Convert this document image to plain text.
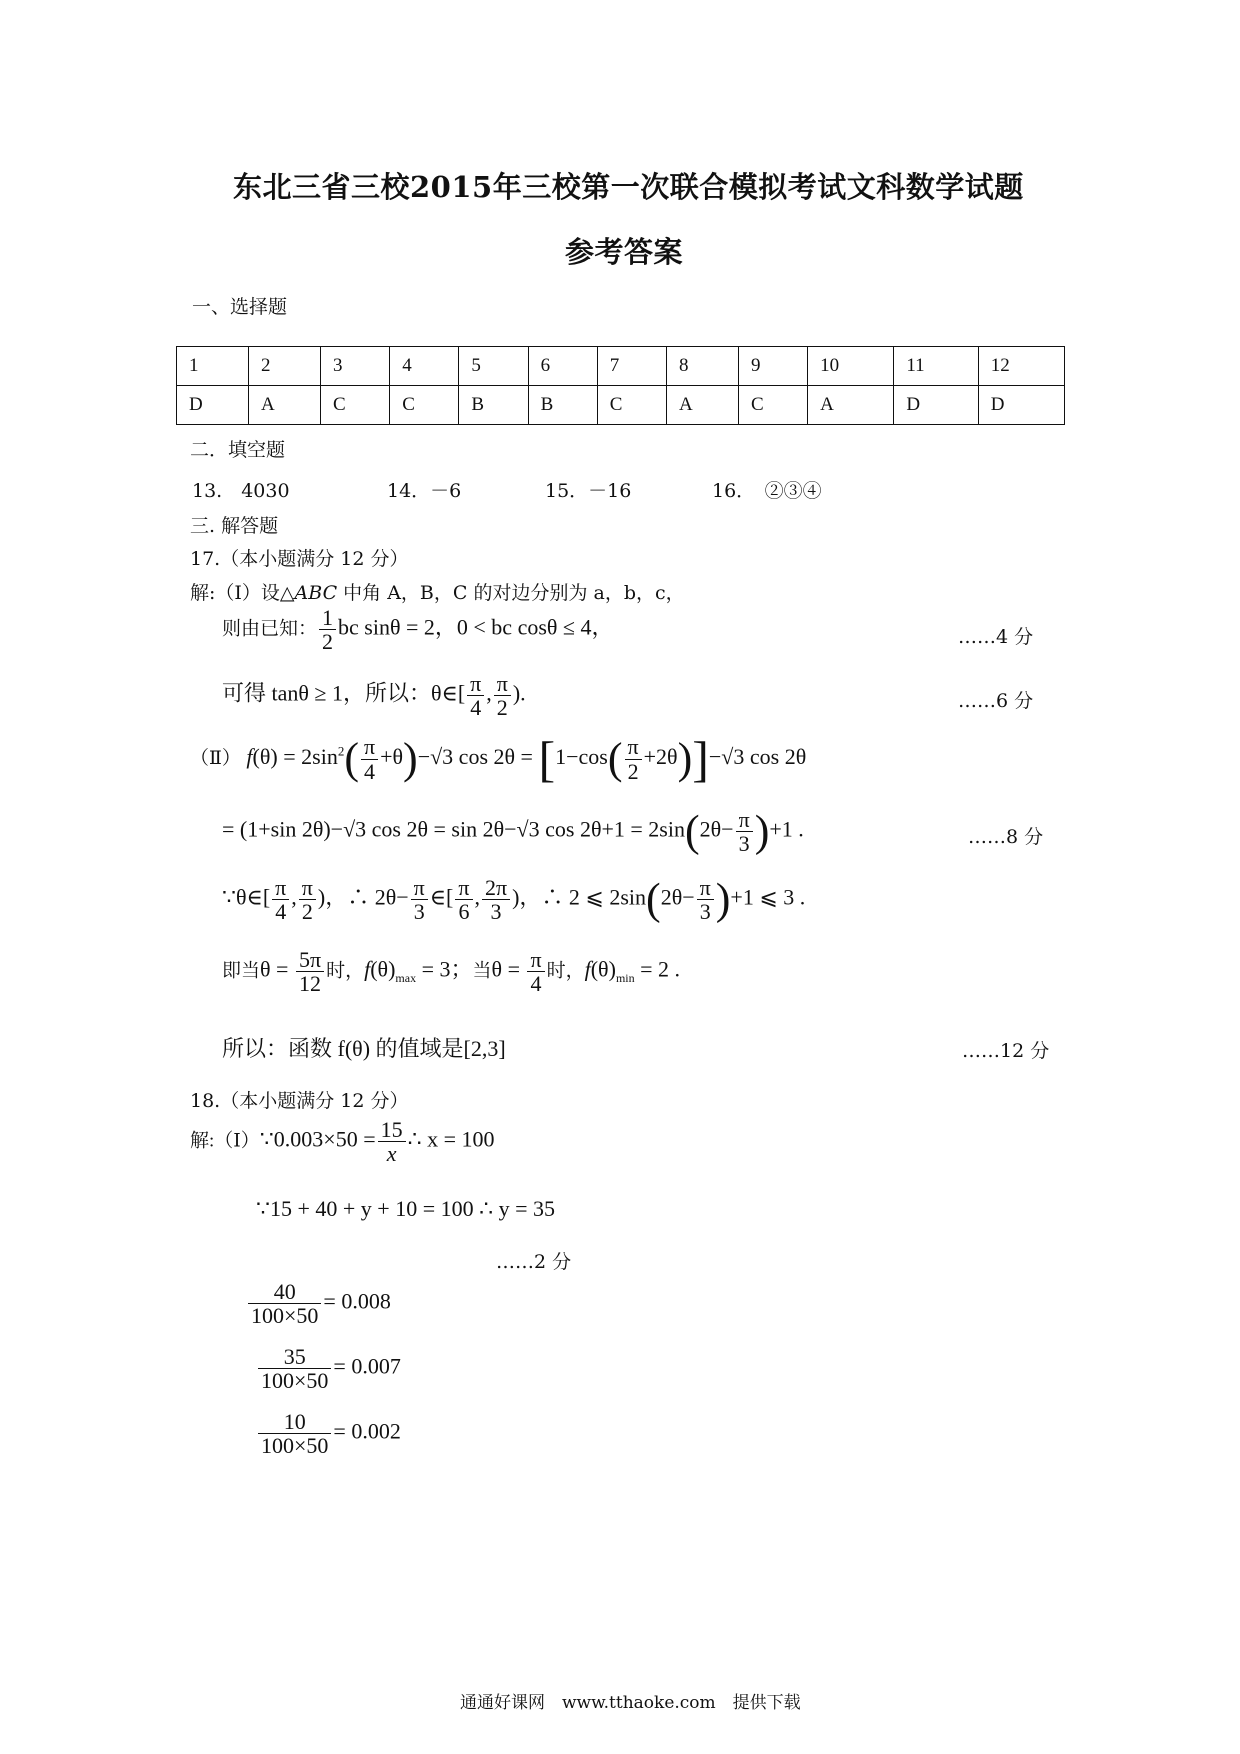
东北三省三校2015年三校第一次联合模拟考试文科数学试题
参考答案
一、选择题
1	2	3	4	5	6	7	8	9	10	11	12
D	A	C	C	B	B	C	A	C	A	D	D
二．填空题
13.　4030	14．－6	15．－16	16．　②③④
三. 解答题
17.（本小题满分 12 分）
解:（Ⅰ）设△ABC 中角 A，B，C 的对边分别为 a，b，c，
则由已知： $\frac{1}{2}$ bc sinθ = 2，0 < bc cosθ ≤ 4，	……4 分
可得 tanθ ≥ 1，所以：θ∈[ $\frac{\pi}{4}$ , $\frac{\pi}{2}$ ).	……6 分
（Ⅱ） $f(\theta) = 2\sin^2( \frac{\pi}{4} +\theta)-√3$ $\cos 2\theta = [1-\cos( \frac{\pi}{2} +2\theta)]-√3$ cos 2θ
= (1+sin 2θ)−√3 cos 2θ = sin 2θ−√3 $\cos 2\theta+1 = 2\sin(2\theta- \frac{\pi}{3} )+1$ .	……8 分
∵θ∈[ $\frac{\pi}{4}$ , $\frac{\pi}{2}$ )，∴ $2\theta- \frac{\pi}{3}$ ∈[ $\frac{\pi}{6}$ , $\frac{2\pi}{3}$ )，∴ 2 ⩽ $2\sin(2\theta- \frac{\pi}{3} )+1$ ⩽ 3 .
即当$\theta = \frac{5\pi}{12}$ 时，$f(\theta)_{max} = 3$；当$\theta = \frac{\pi}{4}$ 时，$f(\theta)_{min} = 2$ .
所以：函数 f(θ) 的值域是[2,3]	……12 分
18.（本小题满分 12 分）
解:（Ⅰ）∵0.003×50 = $\frac{15}{x}$ ∴ x = 100
∵15 + 40 + y + 10 = 100 ∴ y = 35
……2 分
$\frac{40}{100\times 50} = 0.008$
$\frac{35}{100\times 50} = 0.007$
$\frac{10}{100\times 50} = 0.002$
通通好课网　www.tthaoke.com　提供下载
